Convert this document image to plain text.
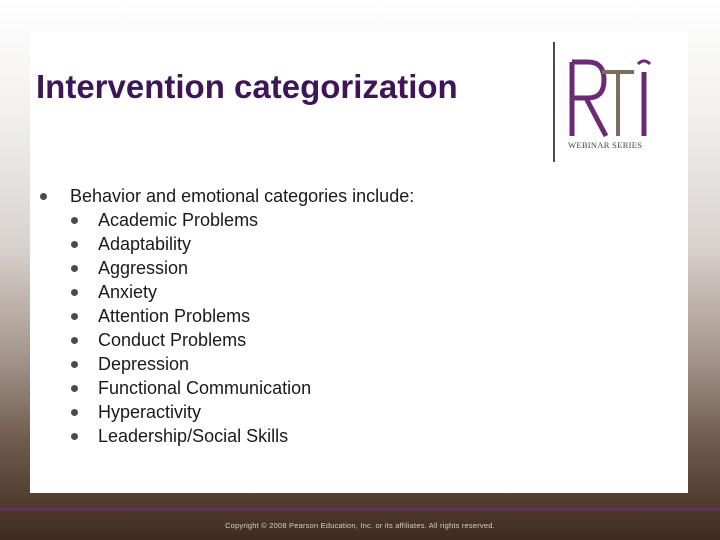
Intervention categorization
WEBINAR SERIES
Behavior and emotional categories include:
Academic Problems
Adaptability
Aggression
Anxiety
Attention Problems
Conduct Problems
Depression
Functional Communication
Hyperactivity
Leadership/Social Skills
Copyright © 2008 Pearson Education, Inc. or its affiliates. All rights reserved.
